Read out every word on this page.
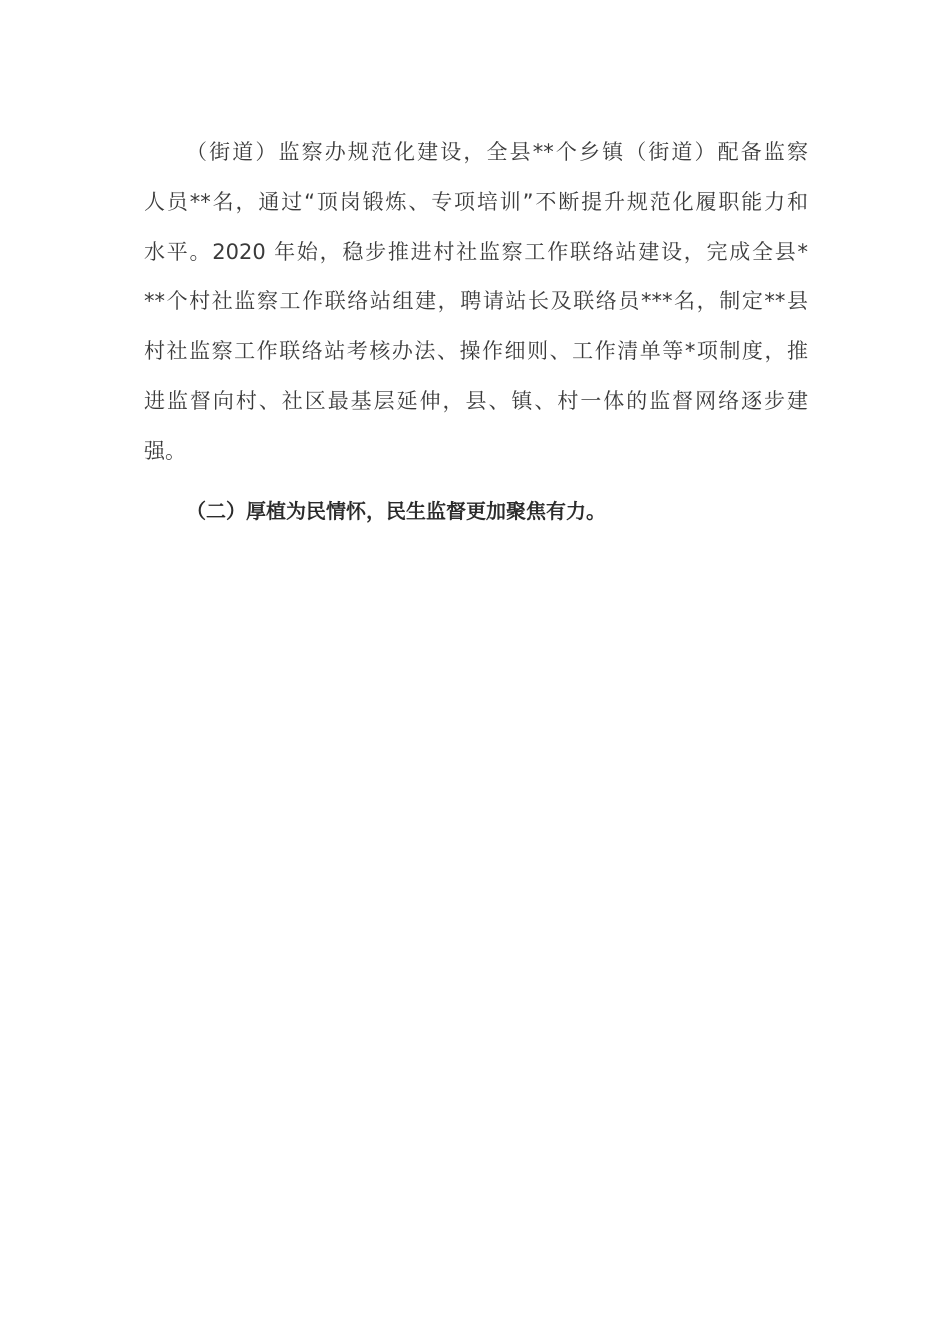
（街道）监察办规范化建设，全县**个乡镇（街道）配备监察
人员**名，通过“顶岗锻炼、专项培训”不断提升规范化履职能力和
水平。2020 年始，稳步推进村社监察工作联络站建设，完成全县*
**个村社监察工作联络站组建，聘请站长及联络员***名，制定**县
村社监察工作联络站考核办法、操作细则、工作清单等*项制度，推
进监督向村、社区最基层延伸，县、镇、村一体的监督网络逐步建
强。
（二）厚植为民情怀，民生监督更加聚焦有力。
